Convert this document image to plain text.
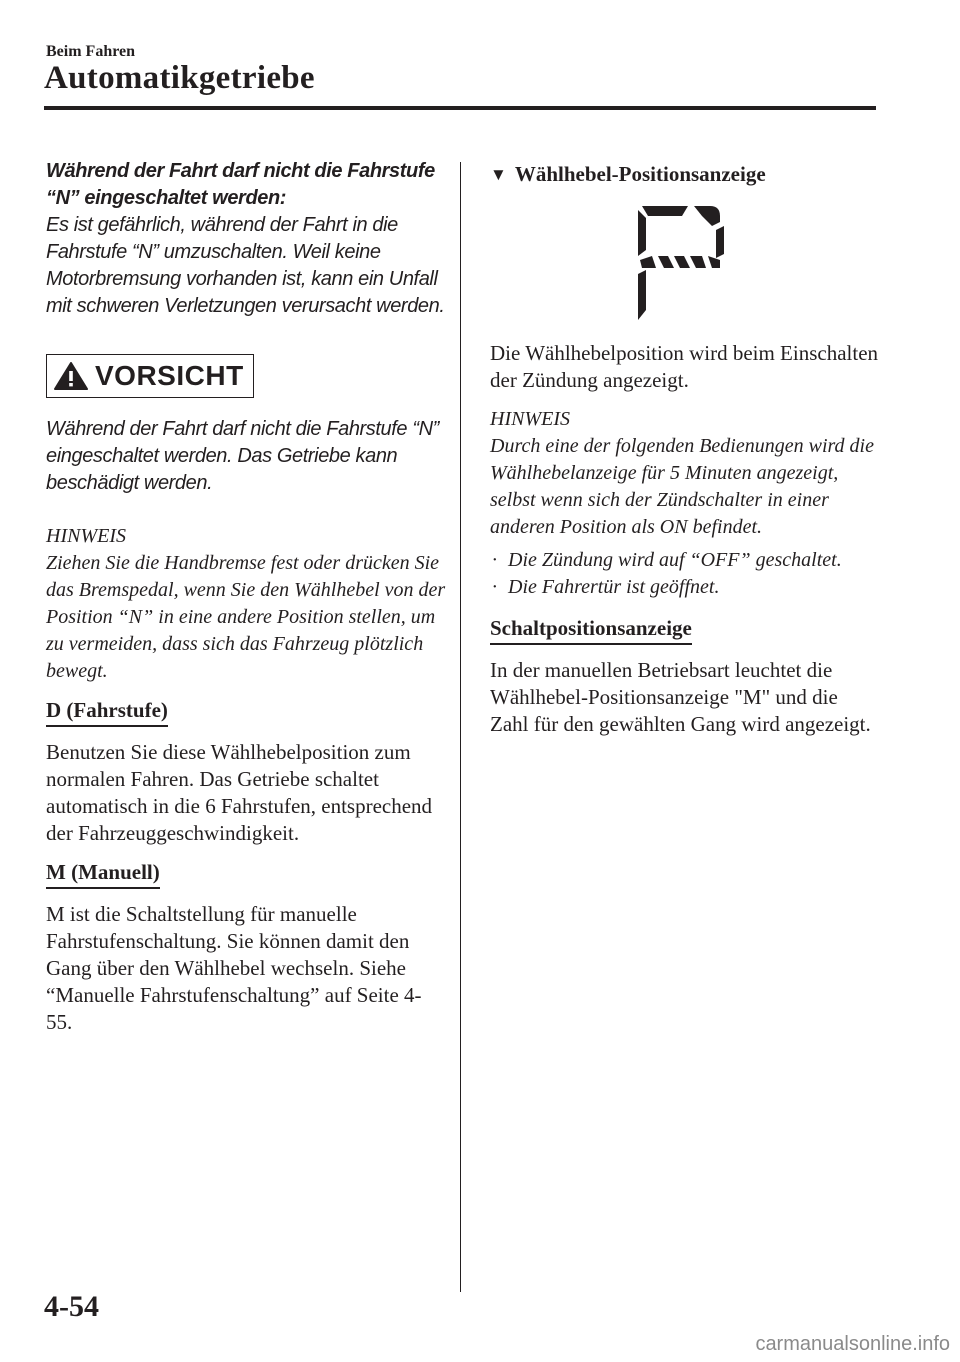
Beim Fahren
Automatikgetriebe
Während der Fahrt darf nicht die Fahrstufe “N” eingeschaltet werden:
Es ist gefährlich, während der Fahrt in die Fahrstufe “N” umzuschalten. Weil keine Motorbremsung vorhanden ist, kann ein Unfall mit schweren Verletzungen verursacht werden.
VORSICHT
Während der Fahrt darf nicht die Fahrstufe “N” eingeschaltet werden. Das Getriebe kann beschädigt werden.
HINWEIS
Ziehen Sie die Handbremse fest oder drücken Sie das Bremspedal, wenn Sie den Wählhebel von der Position “N” in eine andere Position stellen, um zu vermeiden, dass sich das Fahrzeug plötzlich bewegt.
D (Fahrstufe)
Benutzen Sie diese Wählhebelposition zum normalen Fahren. Das Getriebe schaltet automatisch in die 6 Fahrstufen, entsprechend der Fahrzeuggeschwindigkeit.
M (Manuell)
M ist die Schaltstellung für manuelle Fahrstufenschaltung. Sie können damit den Gang über den Wählhebel wechseln. Siehe “Manuelle Fahrstufenschaltung” auf Seite 4-55.
▼ Wählhebel-Positionsanzeige
Die Wählhebelposition wird beim Einschalten der Zündung angezeigt.
HINWEIS
Durch eine der folgenden Bedienungen wird die Wählhebelanzeige für 5 Minuten angezeigt, selbst wenn sich der Zündschalter in einer anderen Position als ON befindet.
· Die Zündung wird auf “OFF” geschaltet.
· Die Fahrertür ist geöffnet.
Schaltpositionsanzeige
In der manuellen Betriebsart leuchtet die Wählhebel-Positionsanzeige "M" und die Zahl für den gewählten Gang wird angezeigt.
4-54
carmanualsonline.info
